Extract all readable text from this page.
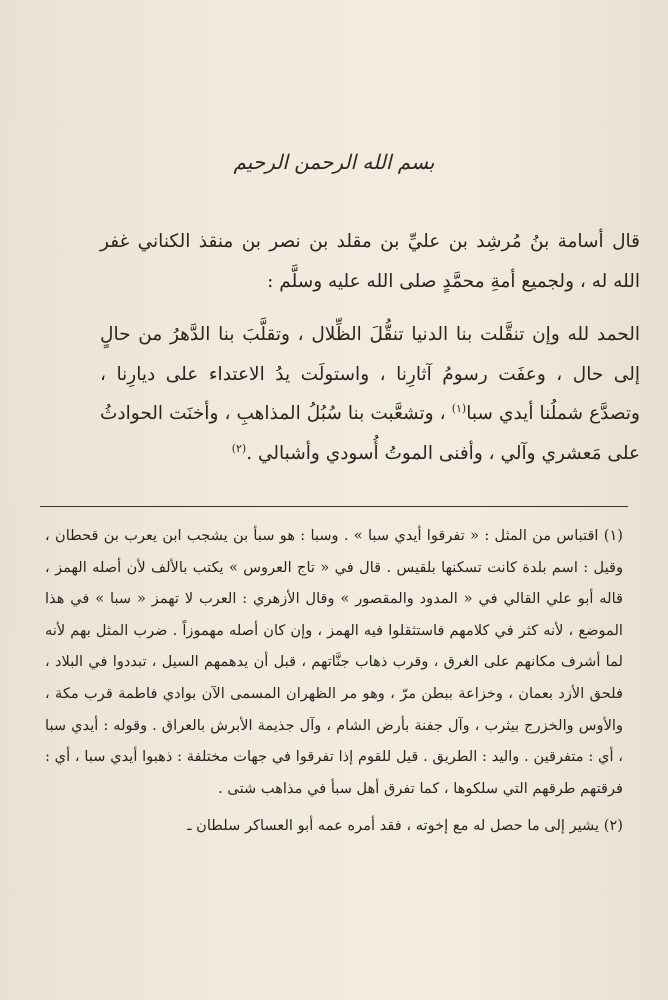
بسم الله الرحمن الرحيم

قال أسامة بنُ مُرشِد بن عليِّ بن مقلد بن نصر بن منقذ الكناني غفر الله له ، ولجميع أمةِ محمَّدٍ صلى الله عليه وسلَّم :

الحمد لله وإن تنقَّلت بنا الدنيا تنقُّلَ الظِّلال ، وتقلَّبَ بنا الدَّهرُ من حالٍ إلى حال ، وعفَت رسومُ آثارِنا ، واستولَت يدُ الاعتداء على ديارِنا ، وتصدَّع شملُنا أيدي سبا$^{(١)}$ ، وتشعَّبت بنا سُبُلُ المذاهبِ ، وأخنَت الحوادثُ على مَعشري وآلي ، وأفنى الموتُ أُسودي وأشبالي .$^{(٢)}$

(١) اقتباس من المثل : « تفرقوا أيدي سبا » . وسبا : هو سبأ بن يشجب ابن يعرب بن قحطان ، وقيل : اسم بلدة كانت تسكنها بلقيس . قال في « تاج العروس » يكتب بالألف لأن أصله الهمز ، قاله أبو علي القالي في « المدود والمقصور » وقال الأزهري : العرب لا تهمز « سبا » في هذا الموضع ، لأنه كثر في كلامهم فاستثقلوا فيه الهمز ، وإن كان أصله مهموزاً . ضرب المثل بهم لأنه لما أشرف مكانهم على الغرق ، وقرب ذهاب جنَّاتهم ، قبل أن يدهمهم السيل ، تبددوا في البلاد ، فلحق الأزد بعمان ، وخزاعة ببطن مرّ ، وهو مر الظهران المسمى الآن بوادي فاطمة قرب مكة ، والأوس والخزرج بيثرب ، وآل جفنة بأرض الشام ، وآل جذيمة الأبرش بالعراق . وقوله : أيدي سبا ، أي : متفرقين . واليد : الطريق . قيل للقوم إذا تفرقوا في جهات مختلفة : ذهبوا أيدي سبا ، أي : فرقتهم طرقهم التي سلكوها ، كما تفرق أهل سبأ في مذاهب شتى .

(٢) يشير إلى ما حصل له مع إخوته ، فقد أمره عمه أبو العساكر سلطان ـ
